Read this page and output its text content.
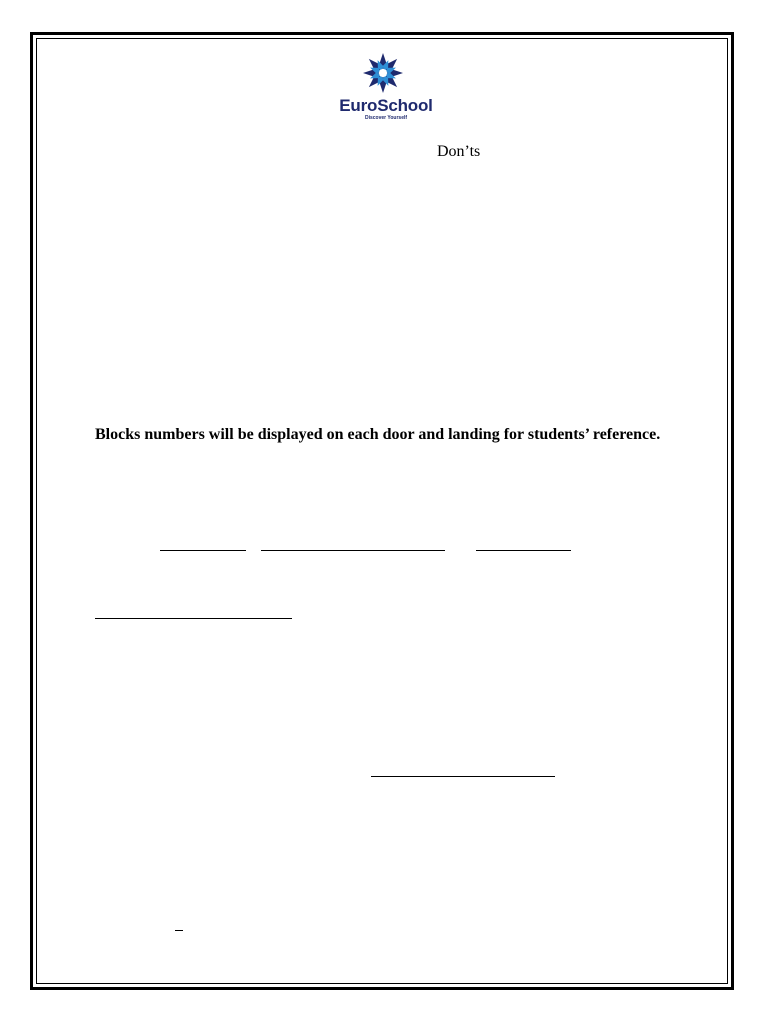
EuroSchool
Discover Yourself
Don’ts
Blocks numbers will be displayed on each door and landing for students’ reference.
